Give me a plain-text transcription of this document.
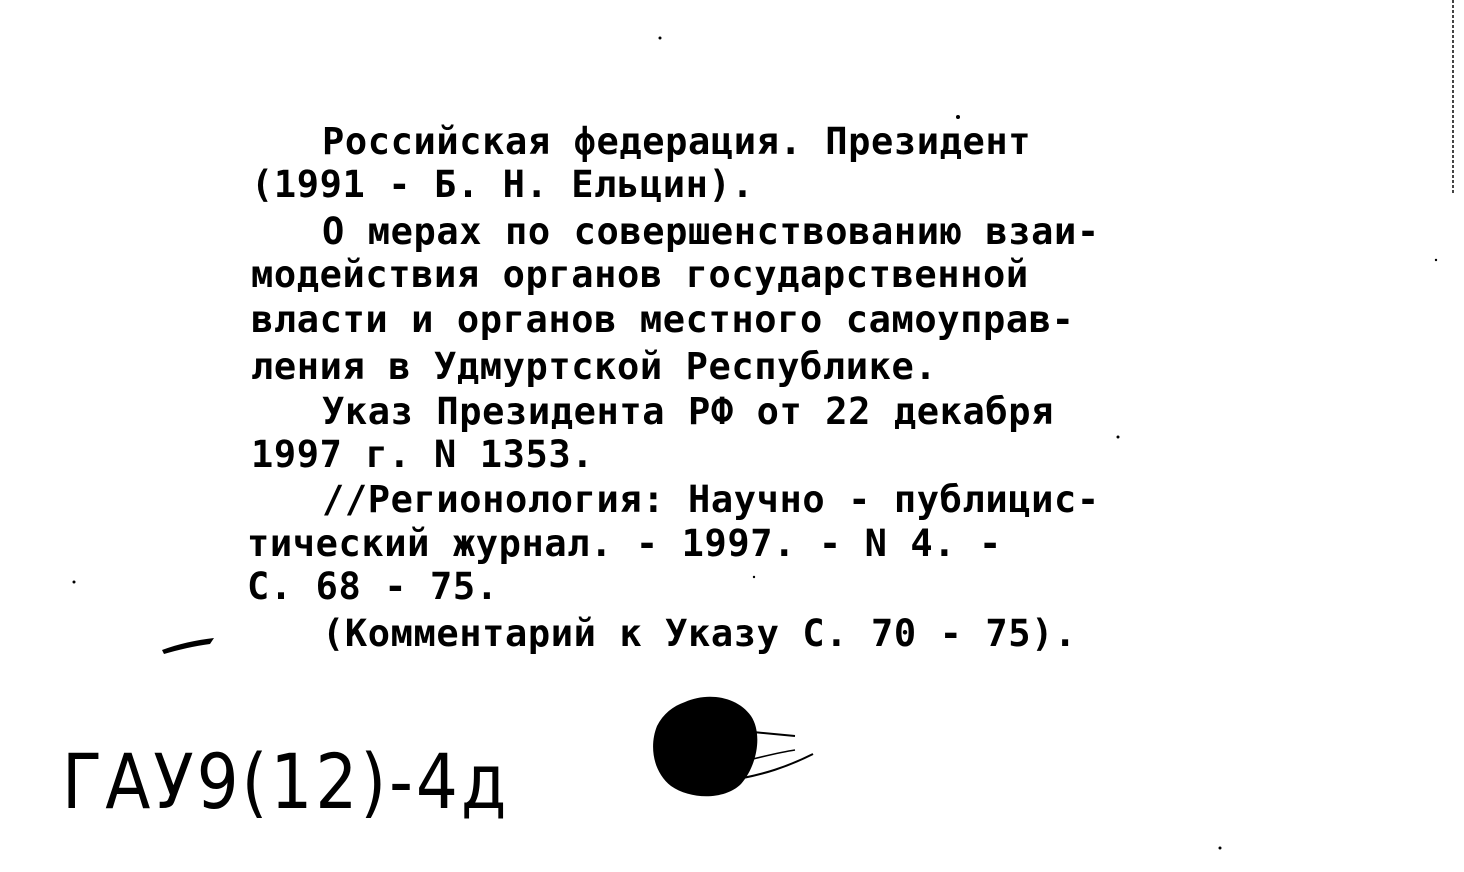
Российская федерация. Президент
(1991 - Б. Н. Ельцин).
О мерах по совершенствованию взаи-
модействия органов государственной
власти и органов местного самоуправ-
ления в Удмуртской Республике.
Указ Президента РФ от 22 декабря
1997 г. N 1353.
//Регионология: Научно - публицис-
тический журнал. - 1997. - N 4. -
С. 68 - 75.
(Комментарий к Указу С. 70 - 75).
ГАУ9(12)-4д
